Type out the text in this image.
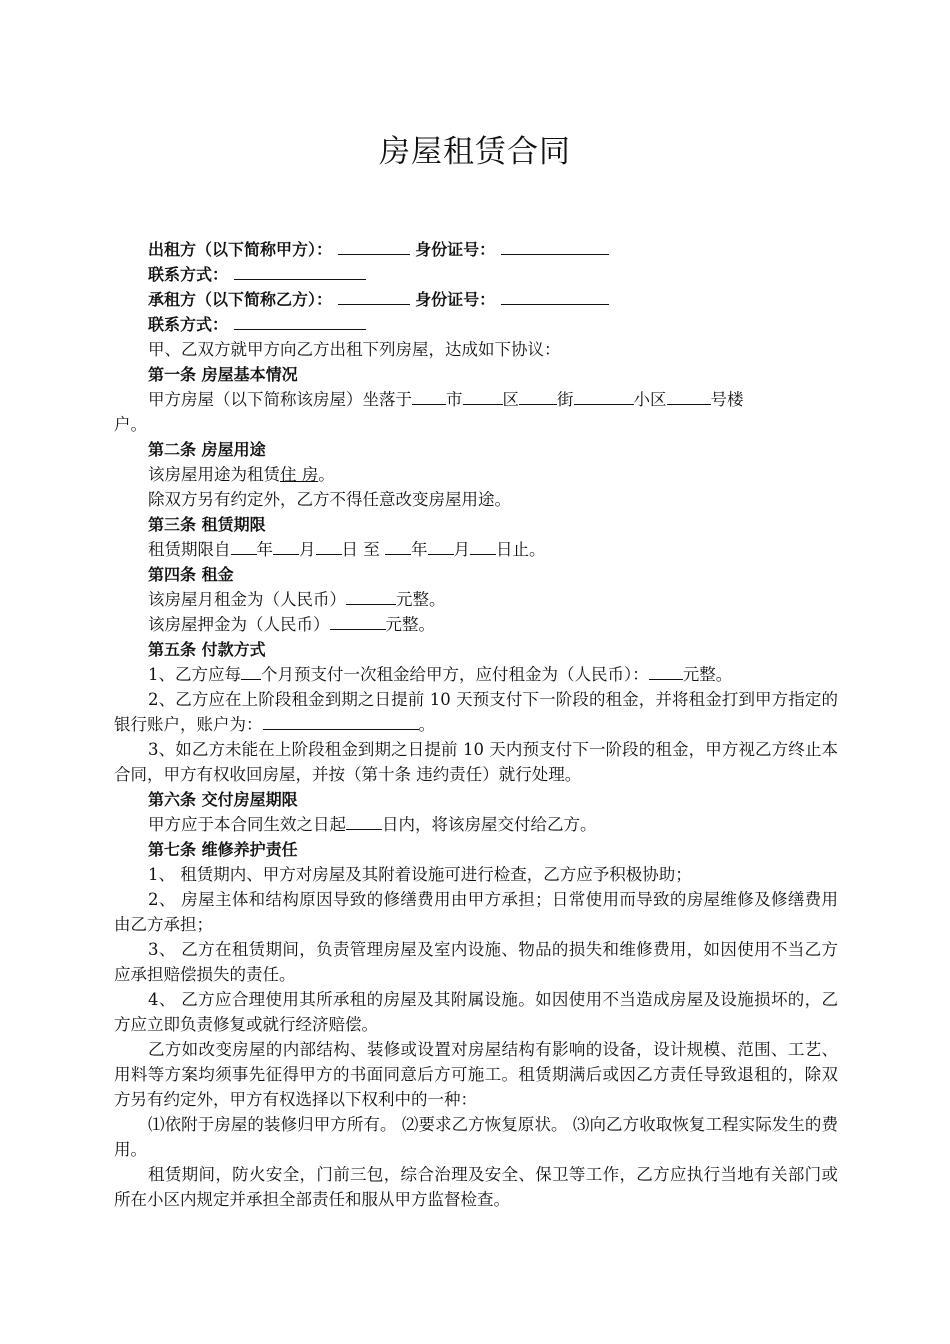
房屋租赁合同
出租方（以下简称甲方）：	身份证号：
联系方式：
承租方（以下简称乙方）：	身份证号：
联系方式：
甲、乙双方就甲方向乙方出租下列房屋，达成如下协议：
第一条 房屋基本情况
甲方房屋（以下简称该房屋）坐落于 市 区 街	小区	号楼
户。
第二条 房屋用途
该房屋用途为租赁住 房。
除双方另有约定外，乙方不得任意改变房屋用途。
第三条 租赁期限
租赁期限自 年 月 日 至 年 月 日止。
第四条 租金
该房屋月租金为（人民币）	元整。
该房屋押金为（人民币）	元整。
第五条 付款方式
1、乙方应每 个月预支付一次租金给甲方，应付租金为（人民币）： 元整。
2、乙方应在上阶段租金到期之日提前 10 天预支付下一阶段的租金，并将租金打到甲方指定的银行账户，账户为：	。
3、如乙方未能在上阶段租金到期之日提前 10 天内预支付下一阶段的租金，甲方视乙方终止本合同，甲方有权收回房屋，并按（第十条 违约责任）就行处理。
第六条 交付房屋期限
甲方应于本合同生效之日起 日内，将该房屋交付给乙方。
第七条 维修养护责任
1、 租赁期内、甲方对房屋及其附着设施可进行检查，乙方应予积极协助；
2、 房屋主体和结构原因导致的修缮费用由甲方承担；日常使用而导致的房屋维修及修缮费用由乙方承担；
3、 乙方在租赁期间，负责管理房屋及室内设施、物品的损失和维修费用，如因使用不当乙方应承担赔偿损失的责任。
4、 乙方应合理使用其所承租的房屋及其附属设施。如因使用不当造成房屋及设施损坏的，乙方应立即负责修复或就行经济赔偿。
乙方如改变房屋的内部结构、装修或设置对房屋结构有影响的设备，设计规模、范围、工艺、用料等方案均须事先征得甲方的书面同意后方可施工。租赁期满后或因乙方责任导致退租的，除双方另有约定外，甲方有权选择以下权利中的一种：
⑴依附于房屋的装修归甲方所有。 ⑵要求乙方恢复原状。 ⑶向乙方收取恢复工程实际发生的费用。
租赁期间，防火安全，门前三包，综合治理及安全、保卫等工作，乙方应执行当地有关部门或所在小区内规定并承担全部责任和服从甲方监督检查。
